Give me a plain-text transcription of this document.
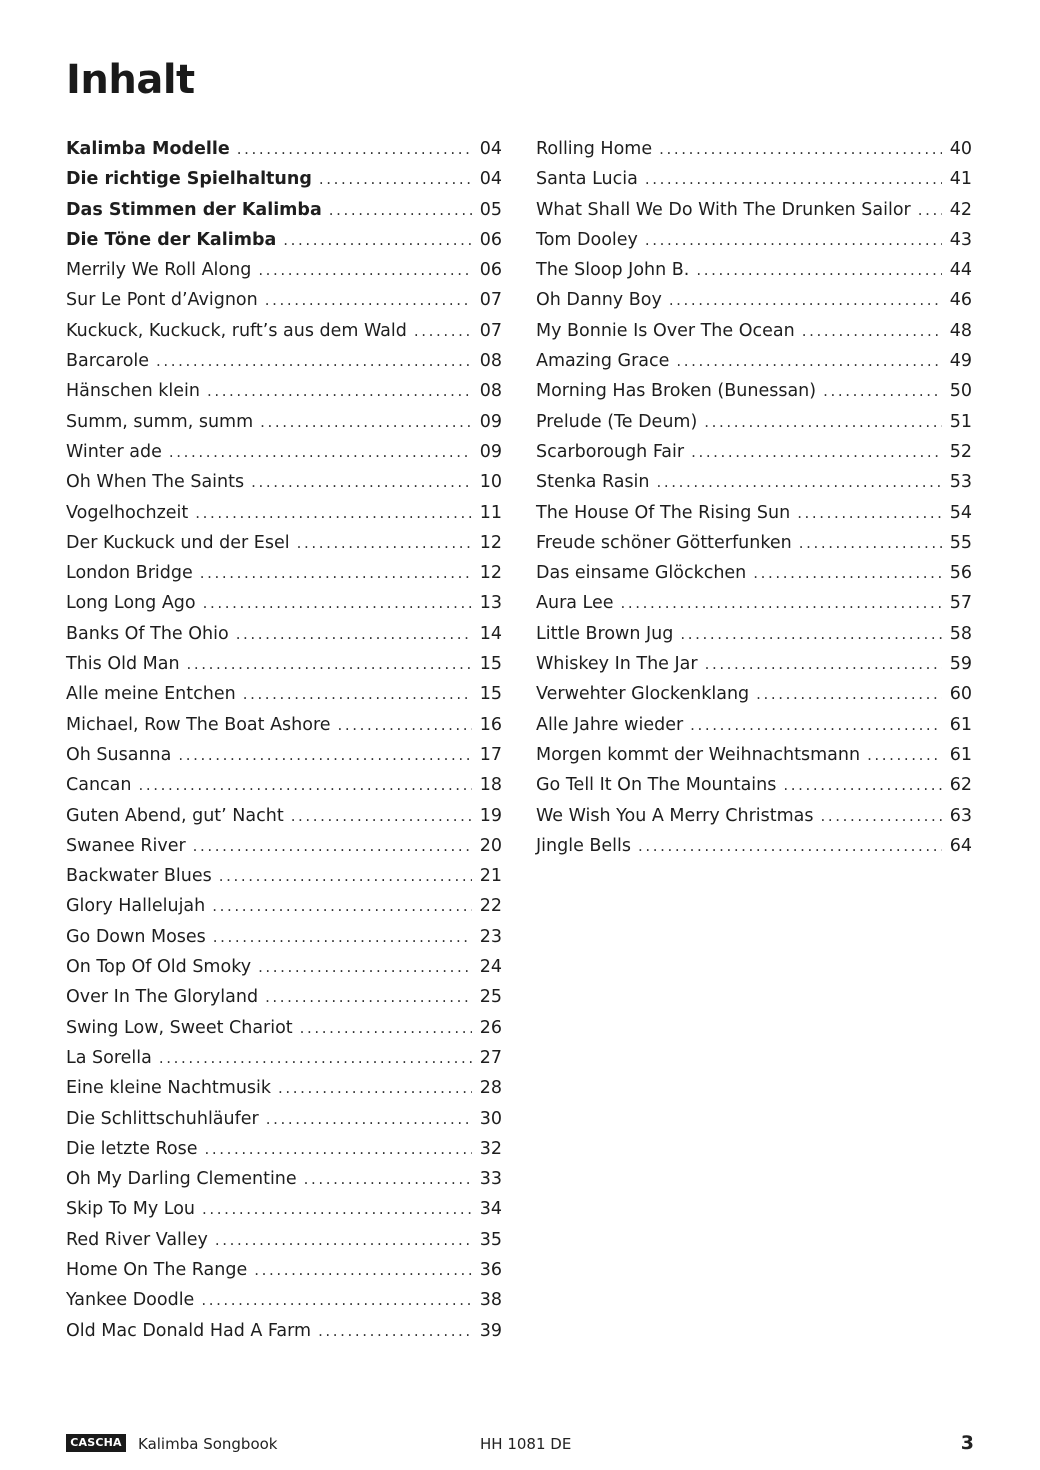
Inhalt
Kalimba Modelle .....	04
Die richtige Spielhaltung .....	04
Das Stimmen der Kalimba .....	05
Die Töne der Kalimba .....	06
Merrily We Roll Along .....	06
Sur Le Pont d’Avignon .....	07
Kuckuck, Kuckuck, ruft’s aus dem Wald .....	07
Barcarole .....	08
Hänschen klein .....	08
Summ, summ, summ .....	09
Winter ade .....	09
Oh When The Saints .....	10
Vogelhochzeit .....	11
Der Kuckuck und der Esel .....	12
London Bridge .....	12
Long Long Ago .....	13
Banks Of The Ohio .....	14
This Old Man .....	15
Alle meine Entchen .....	15
Michael, Row The Boat Ashore .....	16
Oh Susanna .....	17
Cancan .....	18
Guten Abend, gut’ Nacht .....	19
Swanee River .....	20
Backwater Blues .....	21
Glory Hallelujah .....	22
Go Down Moses .....	23
On Top Of Old Smoky .....	24
Over In The Gloryland .....	25
Swing Low, Sweet Chariot .....	26
La Sorella .....	27
Eine kleine Nachtmusik .....	28
Die Schlittschuhläufer .....	30
Die letzte Rose .....	32
Oh My Darling Clementine .....	33
Skip To My Lou .....	34
Red River Valley .....	35
Home On The Range .....	36
Yankee Doodle .....	38
Old Mac Donald Had A Farm .....	39
Rolling Home .....	40
Santa Lucia .....	41
What Shall We Do With The Drunken Sailor ..... 42
Tom Dooley .....	43
The Sloop John B. .....	44
Oh Danny Boy .....	46
My Bonnie Is Over The Ocean .....	48
Amazing Grace .....	49
Morning Has Broken (Bunessan) .....	50
Prelude (Te Deum) .....	51
Scarborough Fair .....	52
Stenka Rasin .....	53
The House Of The Rising Sun .....	54
Freude schöner Götterfunken .....	55
Das einsame Glöckchen .....	56
Aura Lee .....	57
Little Brown Jug .....	58
Whiskey In The Jar .....	59
Verwehter Glockenklang .....	60
Alle Jahre wieder .....	61
Morgen kommt der Weihnachtsmann .....	61
Go Tell It On The Mountains .....	62
We Wish You A Merry Christmas .....	63
Jingle Bells .....	64
CASCHA Kalimba Songbook	HH 1081 DE	3
